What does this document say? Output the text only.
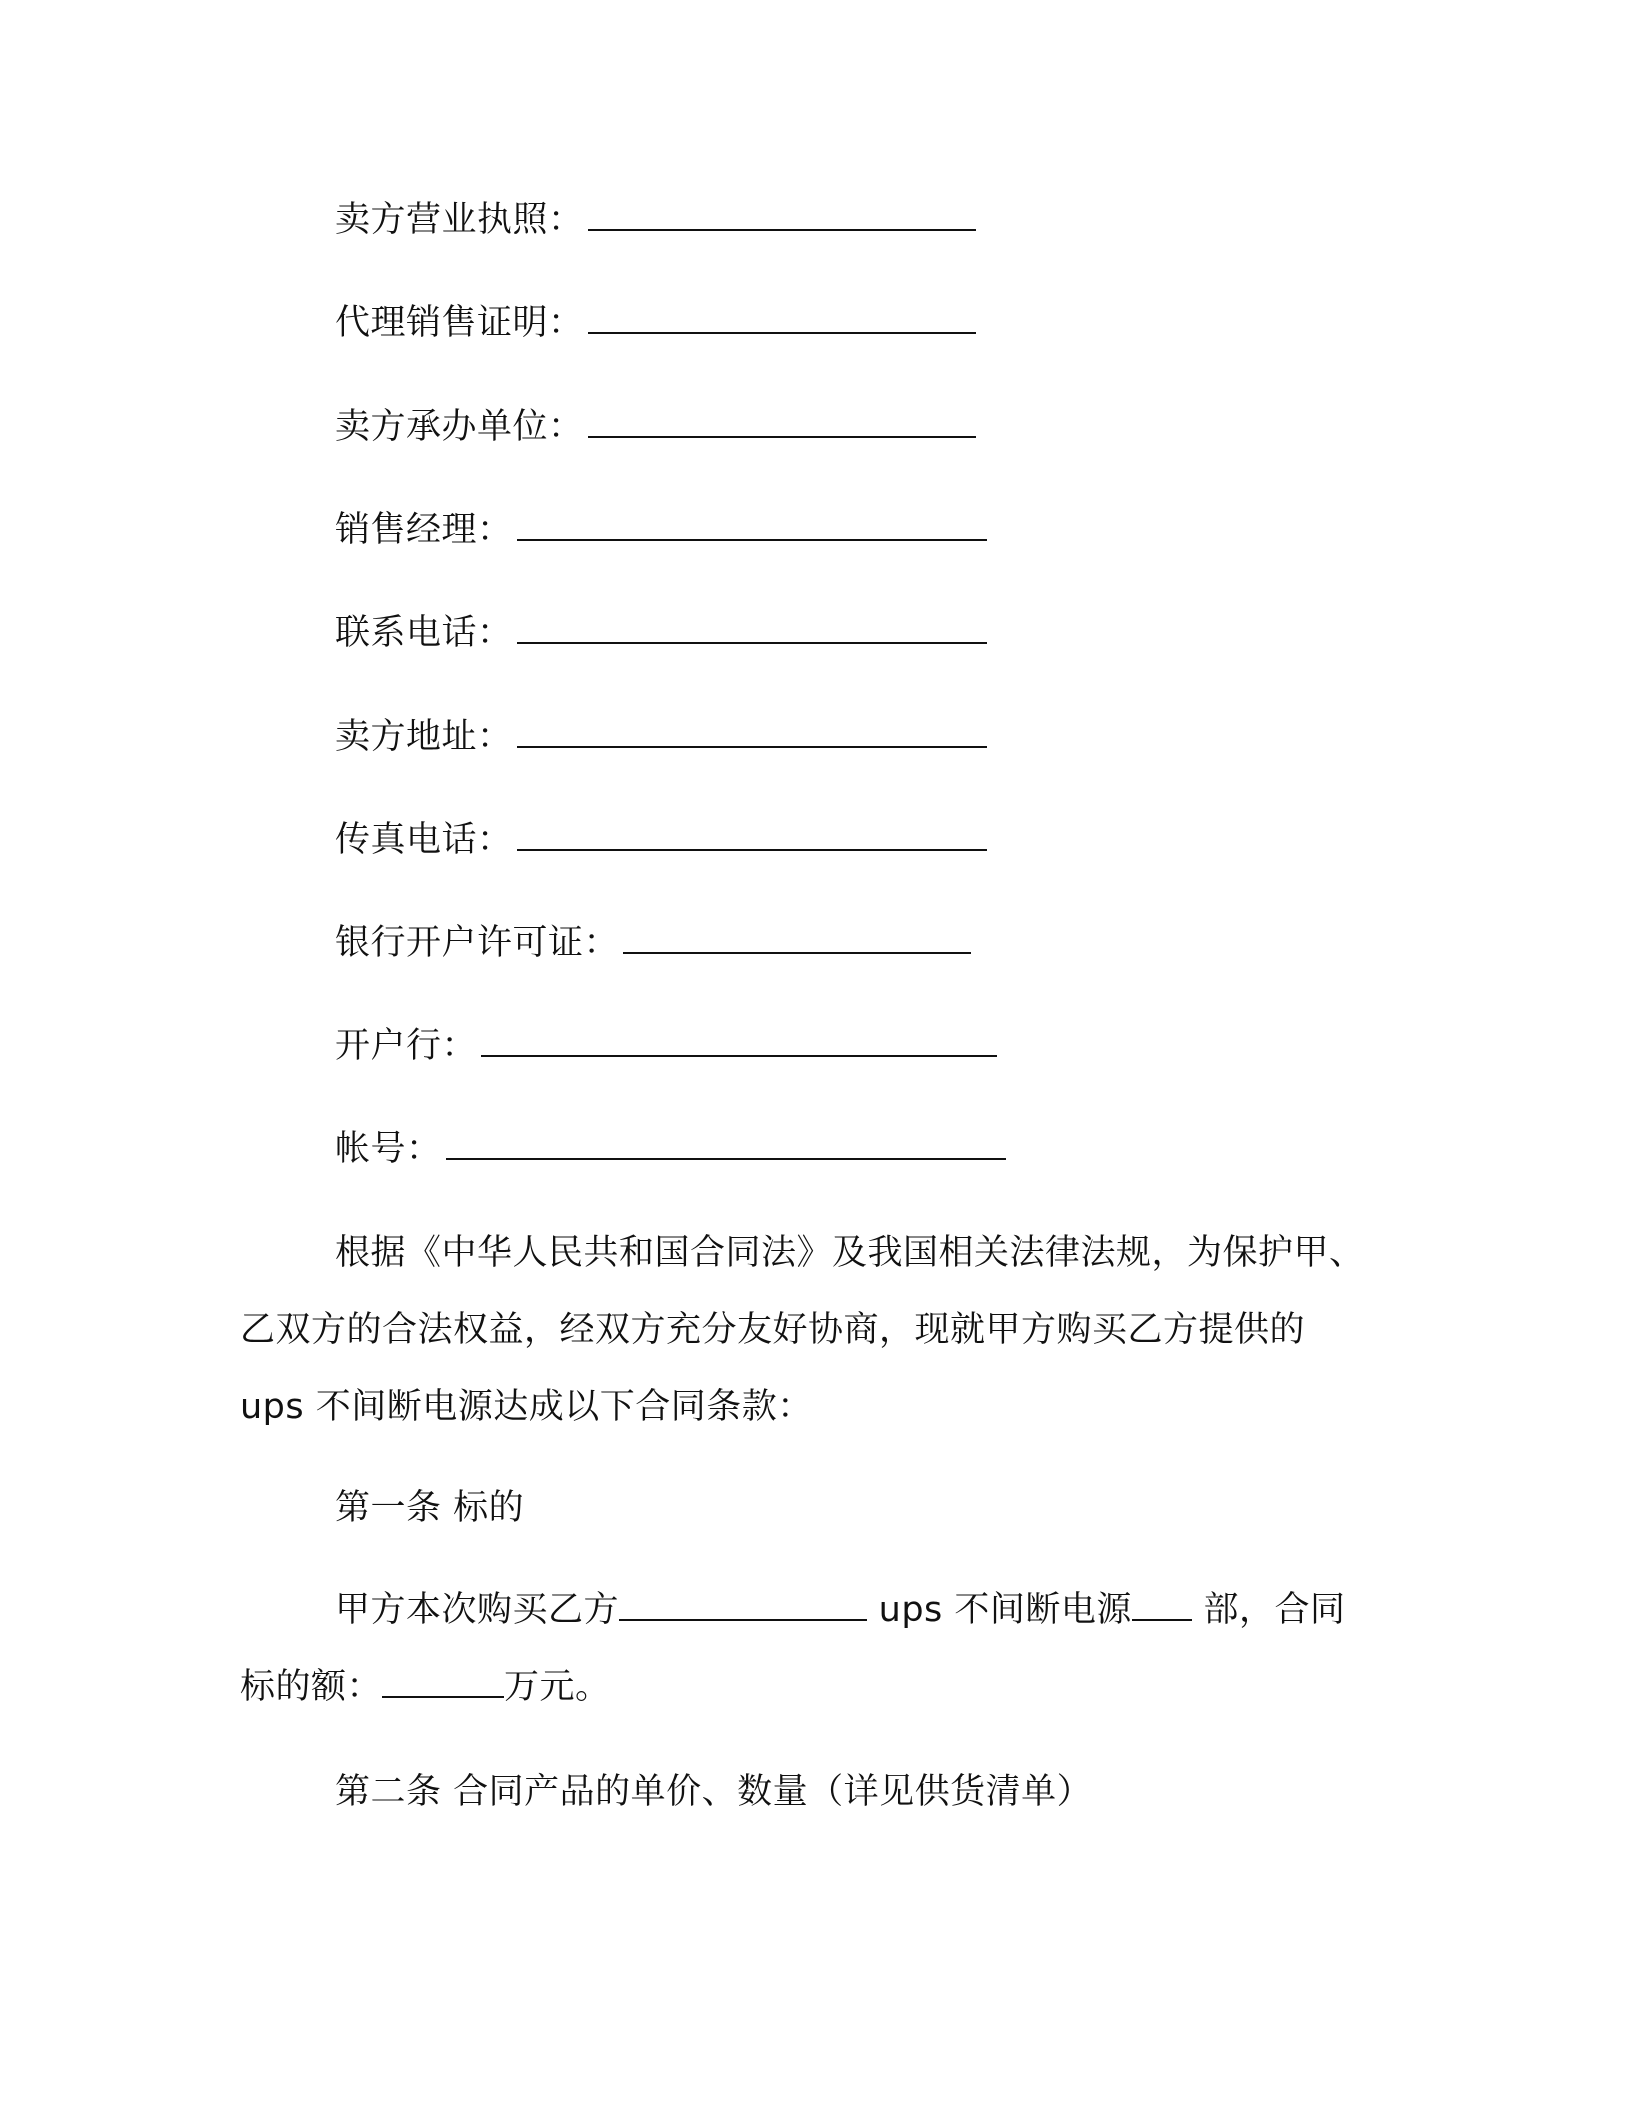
卖方营业执照：
代理销售证明：
卖方承办单位：
销售经理：
联系电话：
卖方地址：
传真电话：
银行开户许可证：
开户行：
帐号：
根据《中华人民共和国合同法》及我国相关法律法规，为保护甲、
乙双方的合法权益，经双方充分友好协商，现就甲方购买乙方提供的
ups 不间断电源达成以下合同条款：
第一条 标的
甲方本次购买乙方	ups 不间断电源 部，合同
标的额：	万元。
第二条 合同产品的单价、数量（详见供货清单）
